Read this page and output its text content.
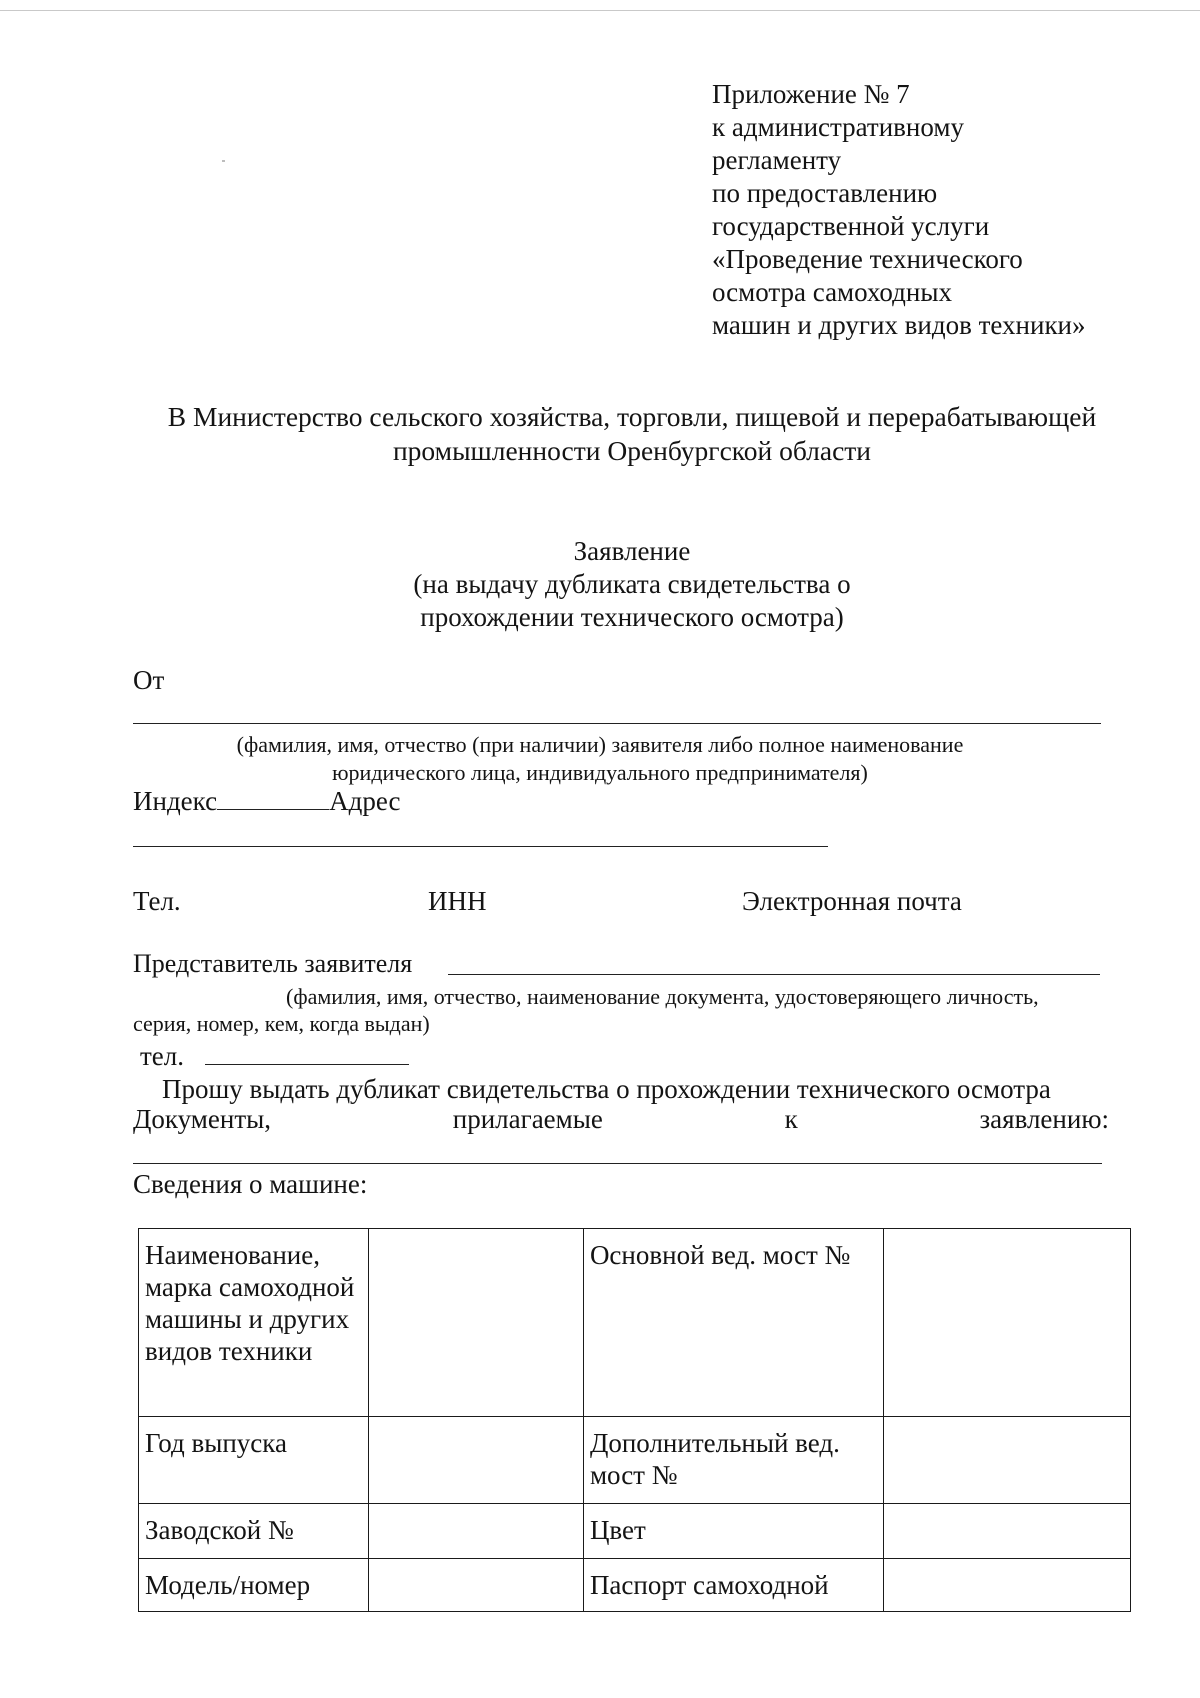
Приложение № 7
к административному
регламенту
по предоставлению
государственной услуги
«Проведение технического
осмотра самоходных
машин и других видов техники»
В Министерство сельского хозяйства, торговли, пищевой и перерабатывающей
промышленности Оренбургской области
Заявление
(на выдачу дубликата свидетельства о
прохождении технического осмотра)
От
(фамилия, имя, отчество (при наличии) заявителя либо полное наименование
юридического лица, индивидуального предпринимателя)
Индекс	Адрес
Тел.	ИНН	Электронная почта
Представитель заявителя
(фамилия, имя, отчество, наименование документа, удостоверяющего личность,
серия, номер, кем, когда выдан)
тел.
Прошу выдать дубликат свидетельства о прохождении технического осмотра
Документы,	прилагаемые	к	заявлению:
Сведения о машине:
Наименование, марка самоходной машины и других видов техники		Основной вед. мост №	
Год выпуска		Дополнительный вед. мост №	
Заводской №		Цвет	
Модель/номер		Паспорт самоходной	
